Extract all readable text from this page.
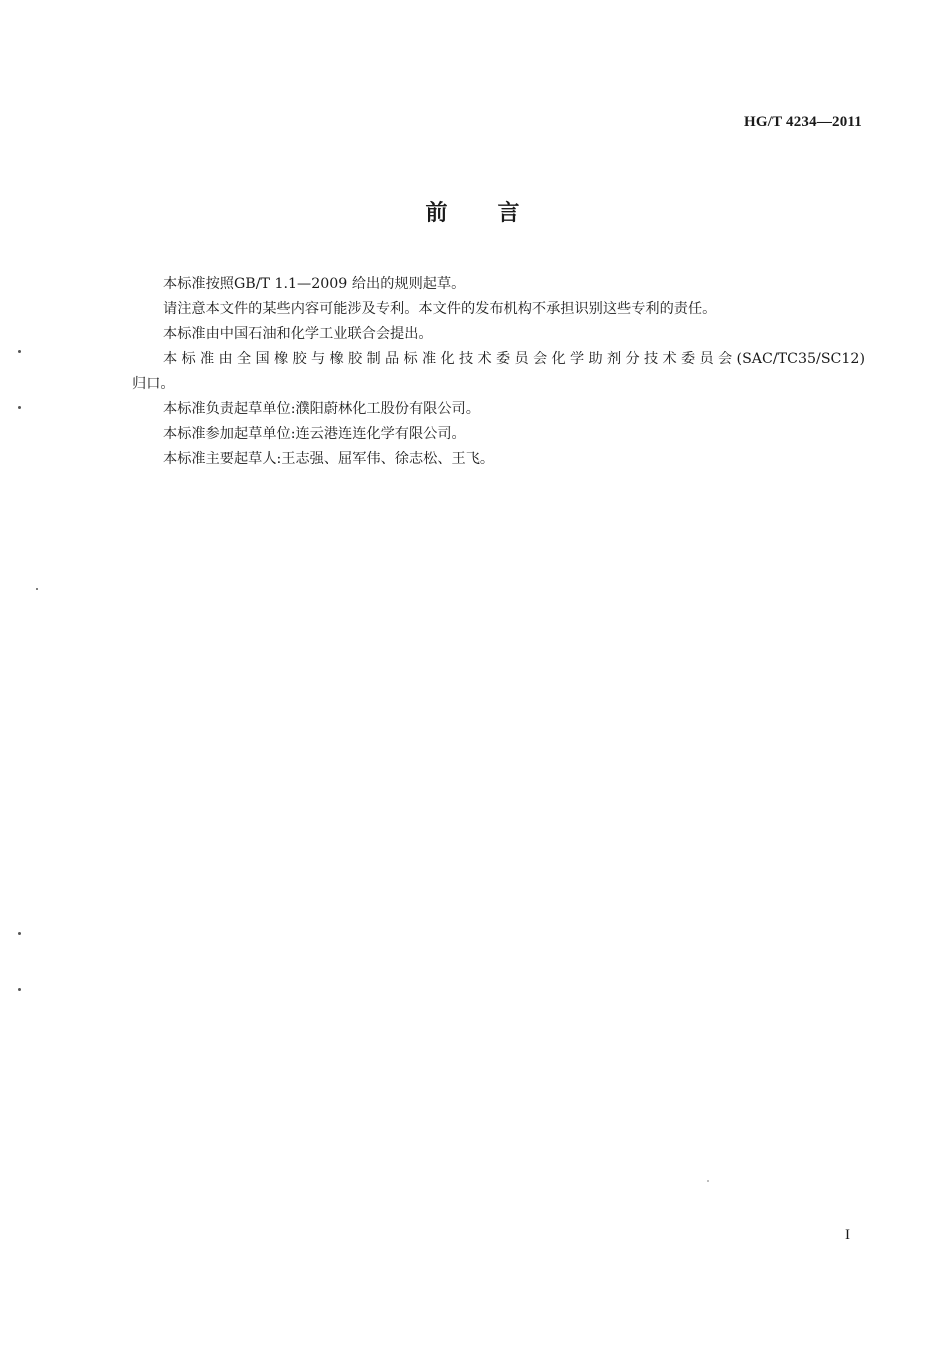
HG/T 4234—2011
前言

本标准按照GB/T 1.1—2009 给出的规则起草。

请注意本文件的某些内容可能涉及专利。本文件的发布机构不承担识别这些专利的责任。

本标准由中国石油和化学工业联合会提出。

本标准由全国橡胶与橡胶制品标准化技术委员会化学助剂分技术委员会(SAC/TC35/SC12)

归口。

本标准负责起草单位:濮阳蔚林化工股份有限公司。

本标准参加起草单位:连云港连连化学有限公司。

本标准主要起草人:王志强、屈军伟、徐志松、王飞。

I
